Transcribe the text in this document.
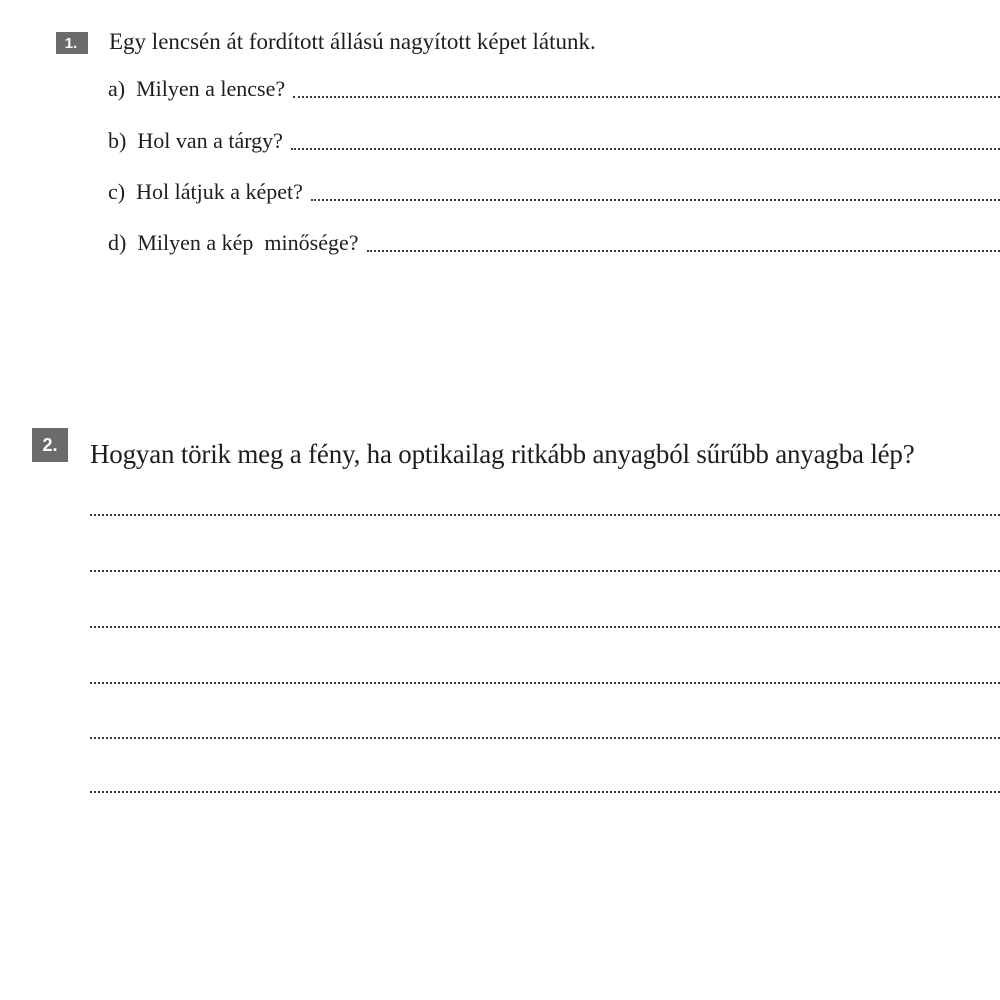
1.	Egy lencsén át fordított állású nagyított képet látunk.
a)  Milyen a lencse?
b)  Hol van a tárgy?
c)  Hol látjuk a képet?
d)  Milyen a kép  minősége?
2.	Hogyan törik meg a fény, ha optikailag ritkább anyagból sűrűbb anyagba lép?
